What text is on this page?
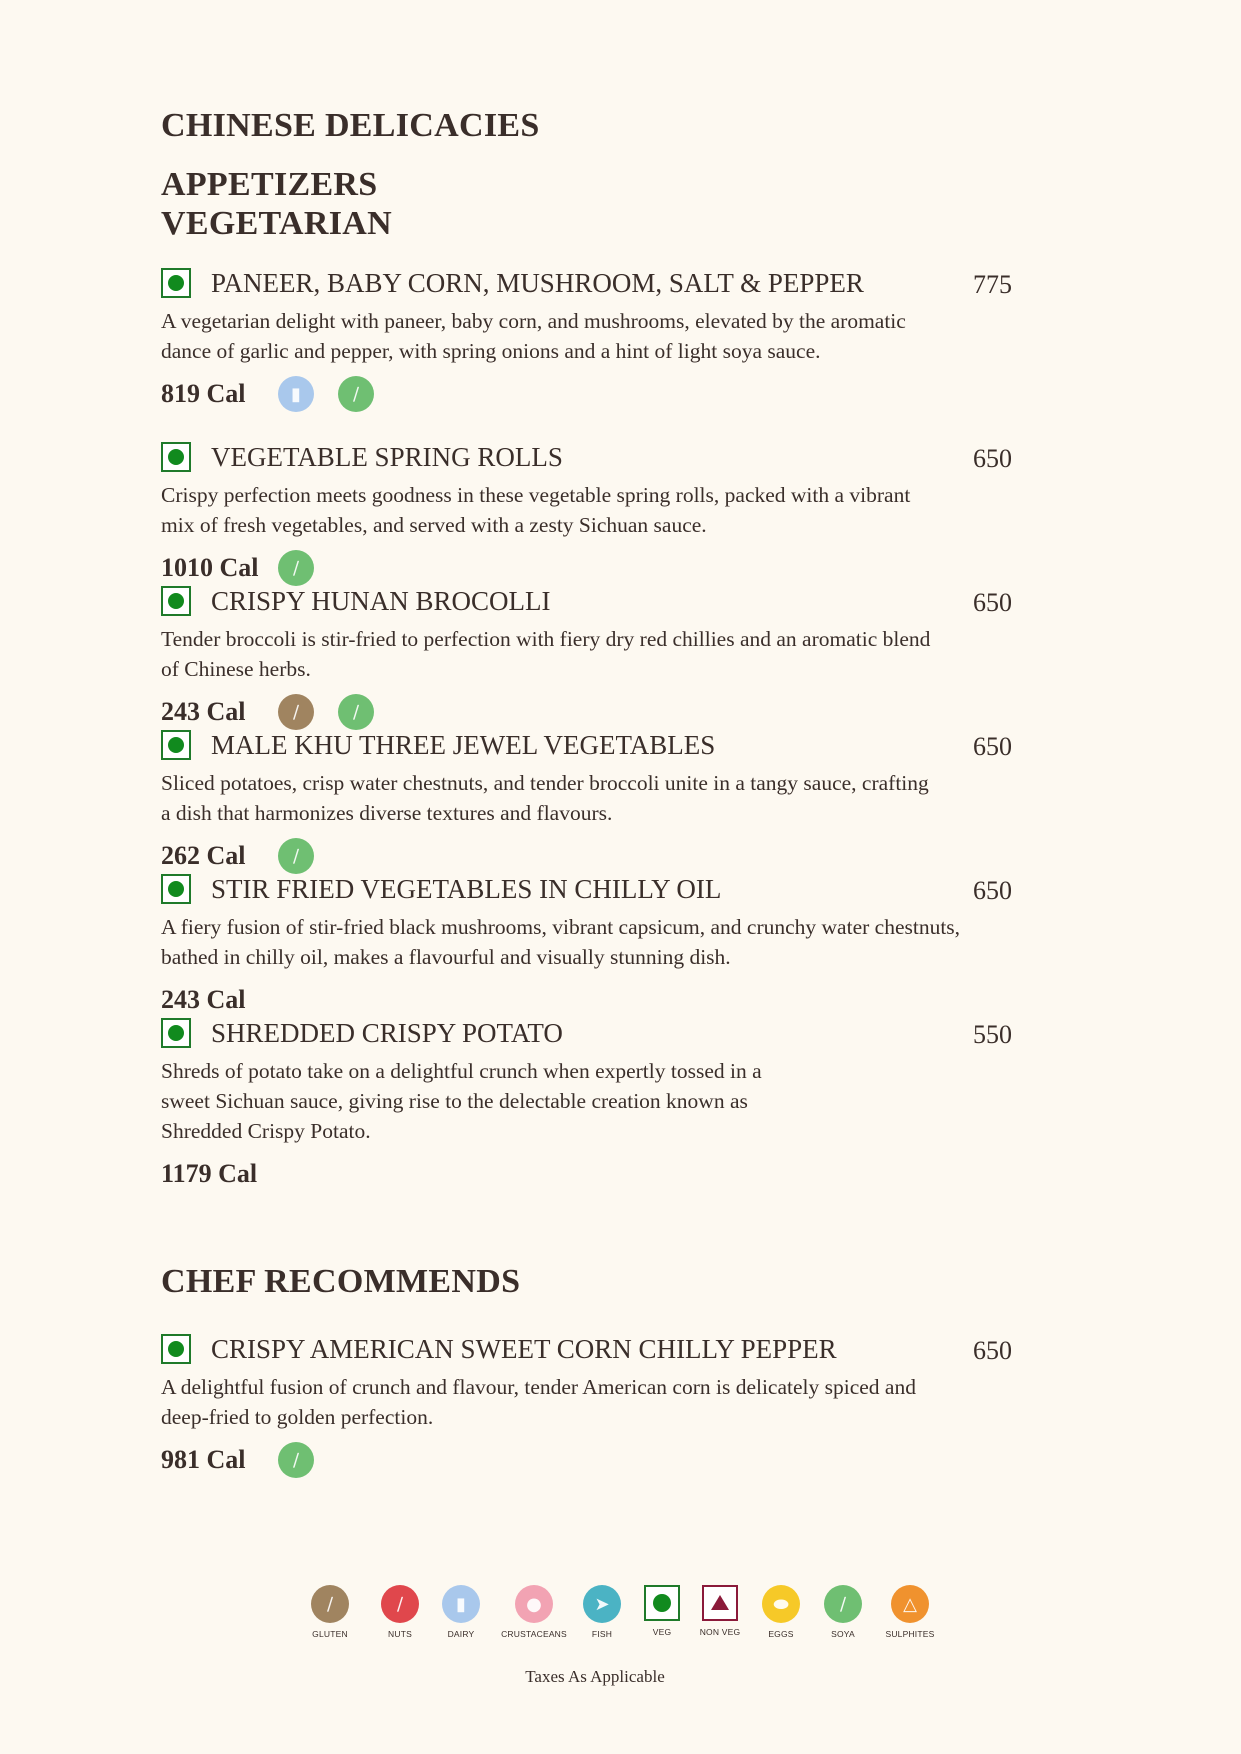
CHINESE DELICACIES
APPETIZERS
VEGETARIAN
PANEER, BABY CORN, MUSHROOM, SALT & PEPPER	775

A vegetarian delight with paneer, baby corn, and mushrooms, elevated by the aromatic dance of garlic and pepper, with spring onions and a hint of light soya sauce.

819 Cal	▮	∕
VEGETABLE SPRING ROLLS	650

Crispy perfection meets goodness in these vegetable spring rolls, packed with a vibrant mix of fresh vegetables, and served with a zesty Sichuan sauce.

1010 Cal	∕
CRISPY HUNAN BROCOLLI	650

Tender broccoli is stir-fried to perfection with fiery dry red chillies and an aromatic blend of Chinese herbs.

243 Cal	∕	∕
MALE KHU THREE JEWEL VEGETABLES	650

Sliced potatoes, crisp water chestnuts, and tender broccoli unite in a tangy sauce, crafting a dish that harmonizes diverse textures and flavours.

262 Cal	∕
STIR FRIED VEGETABLES IN CHILLY OIL	650

A fiery fusion of stir-fried black mushrooms, vibrant capsicum, and crunchy water chestnuts, bathed in chilly oil, makes a flavourful and visually stunning dish.

243 Cal
SHREDDED CRISPY POTATO	550

Shreds of potato take on a delightful crunch when expertly tossed in a sweet Sichuan sauce, giving rise to the delectable creation known as Shredded Crispy Potato.

1179 Cal
CHEF RECOMMENDS
CRISPY AMERICAN SWEET CORN CHILLY PEPPER	650

A delightful fusion of crunch and flavour, tender American corn is delicately spiced and deep-fried to golden perfection.

981 Cal	∕
∕
GLUTEN
∕
NUTS
▮
DAIRY
●
CRUSTACEANS
➤
FISH	VEG	NON VEG
⬬
EGGS
∕
SOYA
△
SULPHITES
Taxes As Applicable
